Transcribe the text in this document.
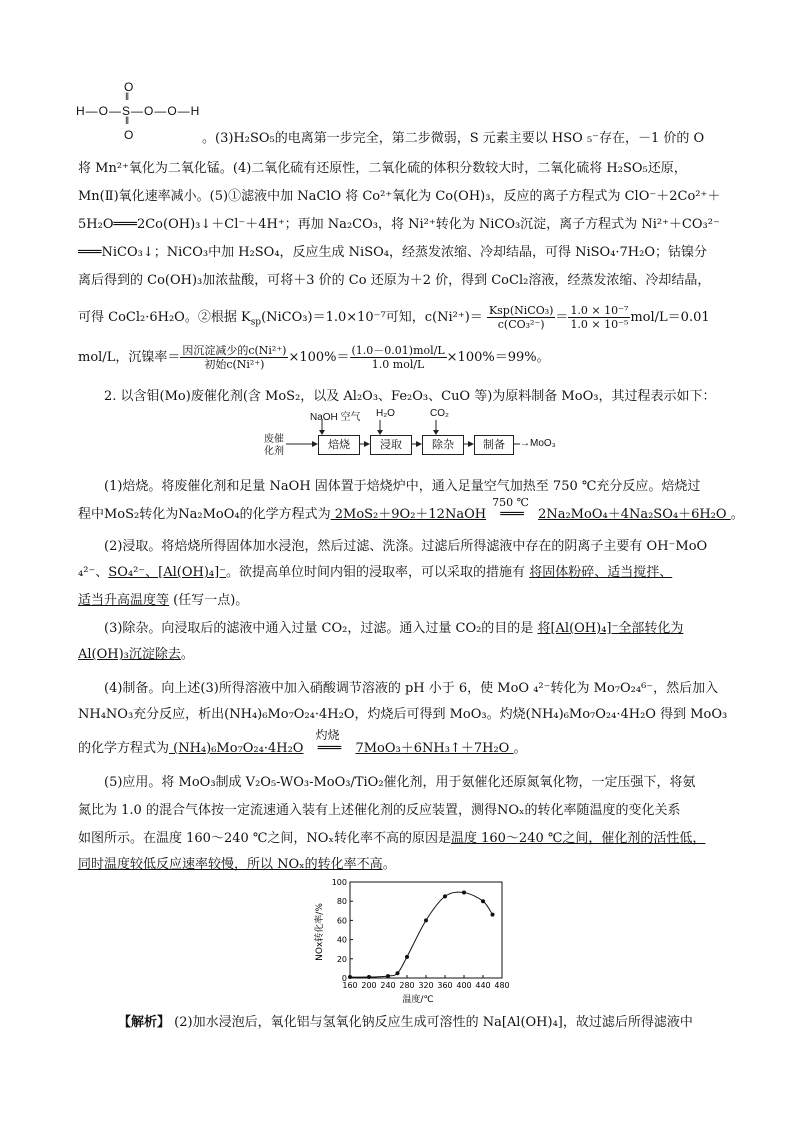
O
‖
H—O—S—O—O—H
‖
O	。(3)H₂SO₅的电离第一步完全，第二步微弱，S 元素主要以 HSO ₅⁻存在，－1 价的 O
将 Mn²⁺氧化为二氧化锰。(4)二氧化硫有还原性，二氧化硫的体积分数较大时，二氧化硫将 H₂SO₅还原，
Mn(Ⅱ)氧化速率减小。(5)①滤液中加 NaClO 将 Co²⁺氧化为 Co(OH)₃，反应的离子方程式为 ClO⁻＋2Co²⁺＋
5H₂O═══2Co(OH)₃↓＋Cl⁻＋4H⁺；再加 Na₂CO₃，将 Ni²⁺转化为 NiCO₃沉淀，离子方程式为 Ni²⁺＋CO₃²⁻
═══NiCO₃↓；NiCO₃中加 H₂SO₄，反应生成 NiSO₄，经蒸发浓缩、冷却结晶，可得 NiSO₄·7H₂O；钴镍分
离后得到的 Co(OH)₃加浓盐酸，可将＋3 价的 Co 还原为＋2 价，得到 CoCl₂溶液，经蒸发浓缩、冷却结晶，
可得 CoCl₂·6H₂O。②根据 $K_{sp}(NiCO_3)=1.0\times 10^{-7}$可知，$c(Ni^{2+})= \frac{\text{Ksp(NiCO₃)}}{\text{c(CO₃²⁻)}} = \frac{\text{1.0 × 10⁻⁷}}{\text{1.0 × 10⁻⁵}} mol/L=0.01$
mol/L，沉镍率＝ $\frac{\text{因沉淀减少的c(Ni²⁺)}}{\text{初始c(Ni²⁺)}} \times 100\%= \frac{\text{(1.0－0.01)mol/L}}{\text{1.0 mol/L}} \times 100\%=99\%$。
2. 以含钼(Mo)废催化剂(含 MoS₂，以及 Al₂O₃、Fe₂O₃、CuO 等)为原料制备 MoO₃，其过程表示如下：
废催化剂
NaOH 空气 H₂O	CO₂
焙烧	浸取	除杂	制备	→MoO₃
(1)焙烧。将废催化剂和足量 NaOH 固体置于焙烧炉中，通入足量空气加热至 750 ℃充分反应。焙烧过
程中MoS₂转化为Na₂MoO₄的化学方程式为 2MoS₂＋9O₂＋12NaOH
750 ℃
═══ 2Na₂MoO₄＋4Na₂SO₄＋6H₂O 。
(2)浸取。将焙烧所得固体加水浸泡，然后过滤、洗涤。过滤后所得滤液中存在的阴离子主要有 OH⁻MoO
₄²⁻、SO₄²⁻、[Al(OH)₄]⁻。欲提高单位时间内钼的浸取率，可以采取的措施有 将固体粉碎、适当搅拌、
适当升高温度等 (任写一点)。
(3)除杂。向浸取后的滤液中通入过量 CO₂，过滤。通入过量 CO₂的目的是 将[Al(OH)₄]⁻全部转化为
Al(OH)₃沉淀除去。
(4)制备。向上述(3)所得溶液中加入硝酸调节溶液的 pH 小于 6，使 MoO ₄²⁻转化为 Mo₇O₂₄⁶⁻，然后加入
NH₄NO₃充分反应，析出(NH₄)₆Mo₇O₂₄·4H₂O，灼烧后可得到 MoO₃。灼烧(NH₄)₆Mo₇O₂₄·4H₂O 得到 MoO₃
的化学方程式为 (NH₄)₆Mo₇O₂₄·4H₂O
灼烧
═══ 7MoO₃＋6NH₃↑＋7H₂O 。
(5)应用。将 MoO₃制成 V₂O₅-WO₃-MoO₃/TiO₂催化剂，用于氨催化还原氮氧化物，一定压强下，将氨
氮比为 1.0 的混合气体按一定流速通入装有上述催化剂的反应装置，测得NOₓ的转化率随温度的变化关系
如图所示。在温度 160～240 ℃之间，NOₓ转化率不高的原因是温度 160～240 ℃之间，催化剂的活性低，
同时温度较低反应速率较慢，所以 NOₓ的转化率不高。
160 200 240 280 320 360 400 440 480
0
20
40
60
80
100
温度/℃
NOx转化率/%
【解析】 (2)加水浸泡后，氧化铝与氢氧化钠反应生成可溶性的 Na[Al(OH)₄]，故过滤后所得滤液中
